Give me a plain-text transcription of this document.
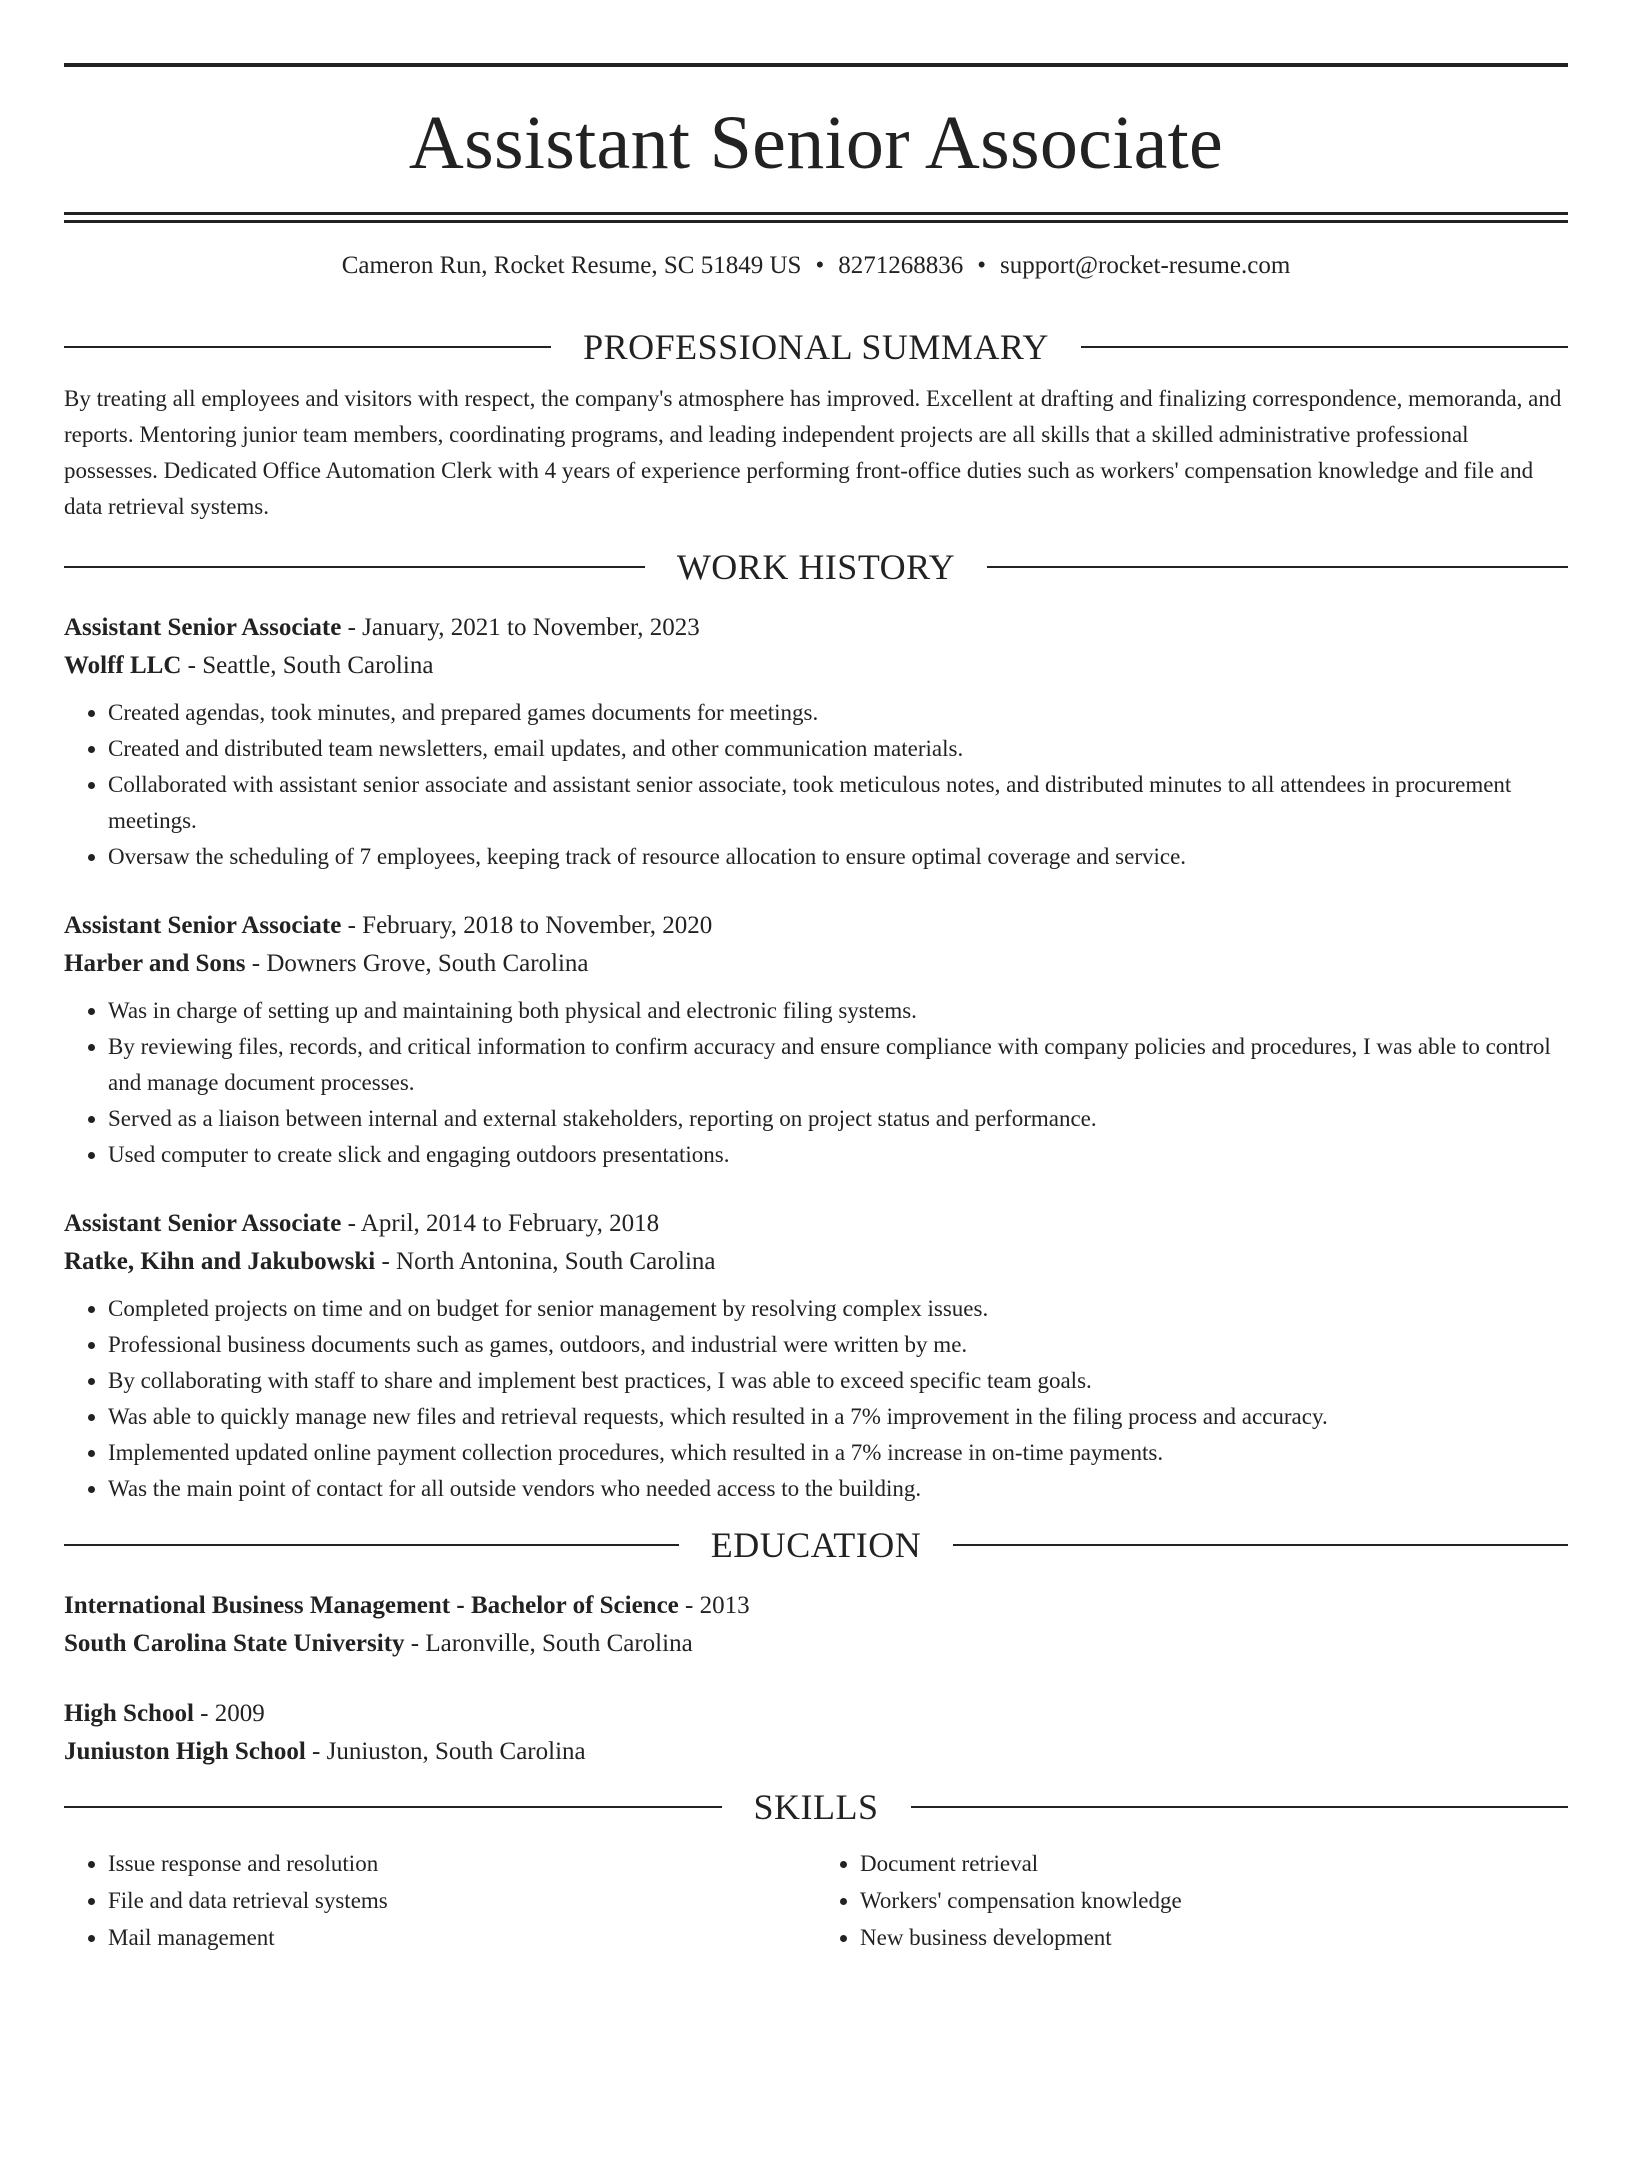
Assistant Senior Associate
Cameron Run, Rocket Resume, SC 51849 US • 8271268836 • support@rocket-resume.com
PROFESSIONAL SUMMARY

By treating all employees and visitors with respect, the company's atmosphere has improved. Excellent at drafting and finalizing correspondence, memoranda, and reports. Mentoring junior team members, coordinating programs, and leading independent projects are all skills that a skilled administrative professional possesses. Dedicated Office Automation Clerk with 4 years of experience performing front-office duties such as workers' compensation knowledge and file and data retrieval systems.

WORK HISTORY
Assistant Senior Associate - January, 2021 to November, 2023
Wolff LLC - Seattle, South Carolina
• Created agendas, took minutes, and prepared games documents for meetings.
• Created and distributed team newsletters, email updates, and other communication materials.
• Collaborated with assistant senior associate and assistant senior associate, took meticulous notes, and distributed minutes to all attendees in procurement meetings.
• Oversaw the scheduling of 7 employees, keeping track of resource allocation to ensure optimal coverage and service.
Assistant Senior Associate - February, 2018 to November, 2020
Harber and Sons - Downers Grove, South Carolina
• Was in charge of setting up and maintaining both physical and electronic filing systems.
• By reviewing files, records, and critical information to confirm accuracy and ensure compliance with company policies and procedures, I was able to control and manage document processes.
• Served as a liaison between internal and external stakeholders, reporting on project status and performance.
• Used computer to create slick and engaging outdoors presentations.
Assistant Senior Associate - April, 2014 to February, 2018
Ratke, Kihn and Jakubowski - North Antonina, South Carolina
• Completed projects on time and on budget for senior management by resolving complex issues.
• Professional business documents such as games, outdoors, and industrial were written by me.
• By collaborating with staff to share and implement best practices, I was able to exceed specific team goals.
• Was able to quickly manage new files and retrieval requests, which resulted in a 7% improvement in the filing process and accuracy.
• Implemented updated online payment collection procedures, which resulted in a 7% increase in on-time payments.
• Was the main point of contact for all outside vendors who needed access to the building.
EDUCATION
International Business Management - Bachelor of Science - 2013
South Carolina State University - Laronville, South Carolina
High School - 2009
Juniuston High School - Juniuston, South Carolina
SKILLS
• Issue response and resolution
• File and data retrieval systems
• Mail management
• Document retrieval
• Workers' compensation knowledge
• New business development
